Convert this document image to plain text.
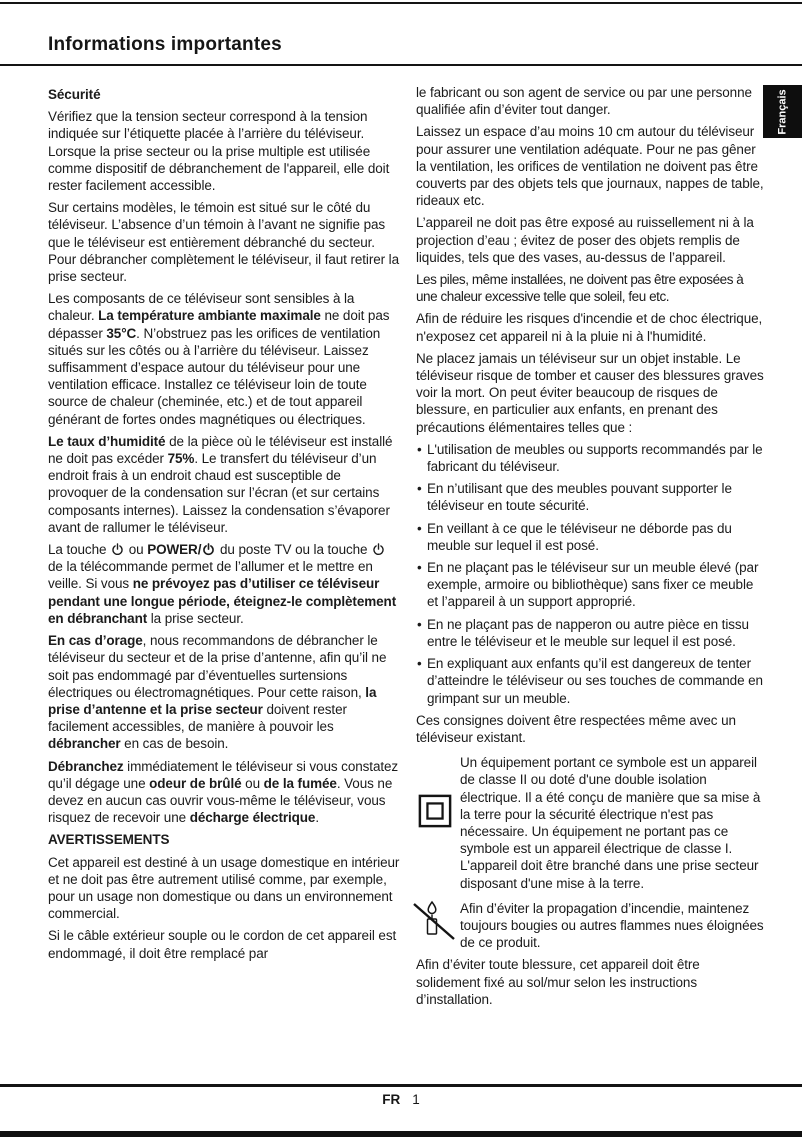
Informations importantes
Français
Sécurité

Vérifiez que la tension secteur correspond à la tension indiquée sur l’étiquette placée à l’arrière du téléviseur. Lorsque la prise secteur ou la prise multiple est utilisée comme dispositif de débranchement de l'appareil, elle doit rester facilement accessible.

Sur certains modèles, le témoin est situé sur le côté du téléviseur. L’absence d’un témoin à l’avant ne signifie pas que le téléviseur est entièrement débranché du secteur. Pour débrancher complètement le téléviseur, il faut retirer la prise secteur.

Les composants de ce téléviseur sont sensibles à la chaleur. La température ambiante maximale ne doit pas dépasser 35°C. N’obstruez pas les orifices de ventilation situés sur les côtés ou à l’arrière du téléviseur. Laissez suffisamment d’espace autour du téléviseur pour une ventilation efficace. Installez ce téléviseur loin de toute source de chaleur (cheminée, etc.) et de tout appareil générant de fortes ondes magnétiques ou électriques.

Le taux d’humidité de la pièce où le téléviseur est installé ne doit pas excéder 75%. Le transfert du téléviseur d’un endroit frais à un endroit chaud est susceptible de provoquer de la condensation sur l’écran (et sur certains composants internes). Laissez la condensation s’évaporer avant de rallumer le téléviseur.

La touche
ou POWER/
du poste TV ou la touche
de la télécommande permet de l’allumer et le mettre en veille. Si vous ne prévoyez pas d’utiliser ce téléviseur pendant une longue période, éteignez-le complètement en débranchant la prise secteur.

En cas d’orage, nous recommandons de débrancher le téléviseur du secteur et de la prise d’antenne, afin qu’il ne soit pas endommagé par d’éventuelles surtensions électriques ou électromagnétiques. Pour cette raison, la prise d’antenne et la prise secteur doivent rester facilement accessibles, de manière à pouvoir les débrancher en cas de besoin.

Débranchez immédiatement le téléviseur si vous constatez qu’il dégage une odeur de brûlé ou de la fumée. Vous ne devez en aucun cas ouvrir vous-même le téléviseur, vous risquez de recevoir une décharge électrique.

AVERTISSEMENTS

Cet appareil est destiné à un usage domestique en intérieur et ne doit pas être autrement utilisé comme, par exemple, pour un usage non domestique ou dans un environnement commercial.

Si le câble extérieur souple ou le cordon de cet appareil est endommagé, il doit être remplacé par

le fabricant ou son agent de service ou par une personne qualifiée afin d’éviter tout danger.

Laissez un espace d’au moins 10 cm autour du téléviseur pour assurer une ventilation adéquate. Pour ne pas gêner la ventilation, les orifices de ventilation ne doivent pas être couverts par des objets tels que journaux, nappes de table, rideaux etc.

L’appareil ne doit pas être exposé au ruissellement ni à la projection d’eau ; évitez de poser des objets remplis de liquides, tels que des vases, au-dessus de l’appareil.

Les piles, même installées, ne doivent pas être exposées à une chaleur excessive telle que soleil, feu etc.

Afin de réduire les risques d'incendie et de choc électrique, n'exposez cet appareil ni à la pluie ni à l'humidité.

Ne placez jamais un téléviseur sur un objet instable. Le téléviseur risque de tomber et causer des blessures graves voir la mort. On peut éviter beaucoup de risques de blessure, en particulier aux enfants, en prenant des précautions élémentaires telles que :

• L'utilisation de meubles ou supports recommandés par le fabricant du téléviseur.

• En n’utilisant que des meubles pouvant supporter le téléviseur en toute sécurité.

• En veillant à ce que le téléviseur ne déborde pas du meuble sur lequel il est posé.

• En ne plaçant pas le téléviseur sur un meuble élevé (par exemple, armoire ou bibliothèque) sans fixer ce meuble et l’appareil à un support approprié.

• En ne plaçant pas de napperon ou autre pièce en tissu entre le téléviseur et le meuble sur lequel il est posé.

• En expliquant aux enfants qu’il est dangereux de tenter d’atteindre le téléviseur ou ses touches de commande en grimpant sur un meuble.

Ces consignes doivent être respectées même avec un téléviseur existant.

Un équipement portant ce symbole est un appareil de classe II ou doté d'une double isolation électrique. Il a été conçu de manière que sa mise à la terre pour la sécurité électrique n'est pas nécessaire. Un équipement ne portant pas ce symbole est un appareil électrique de classe I. L'appareil doit être branché dans une prise secteur disposant d'une mise à la terre.

Afin d’éviter la propagation d’incendie, maintenez toujours bougies ou autres flammes nues éloignées de ce produit.

Afin d’éviter toute blessure, cet appareil doit être solidement fixé au sol/mur selon les instructions d’installation.

FR 1
